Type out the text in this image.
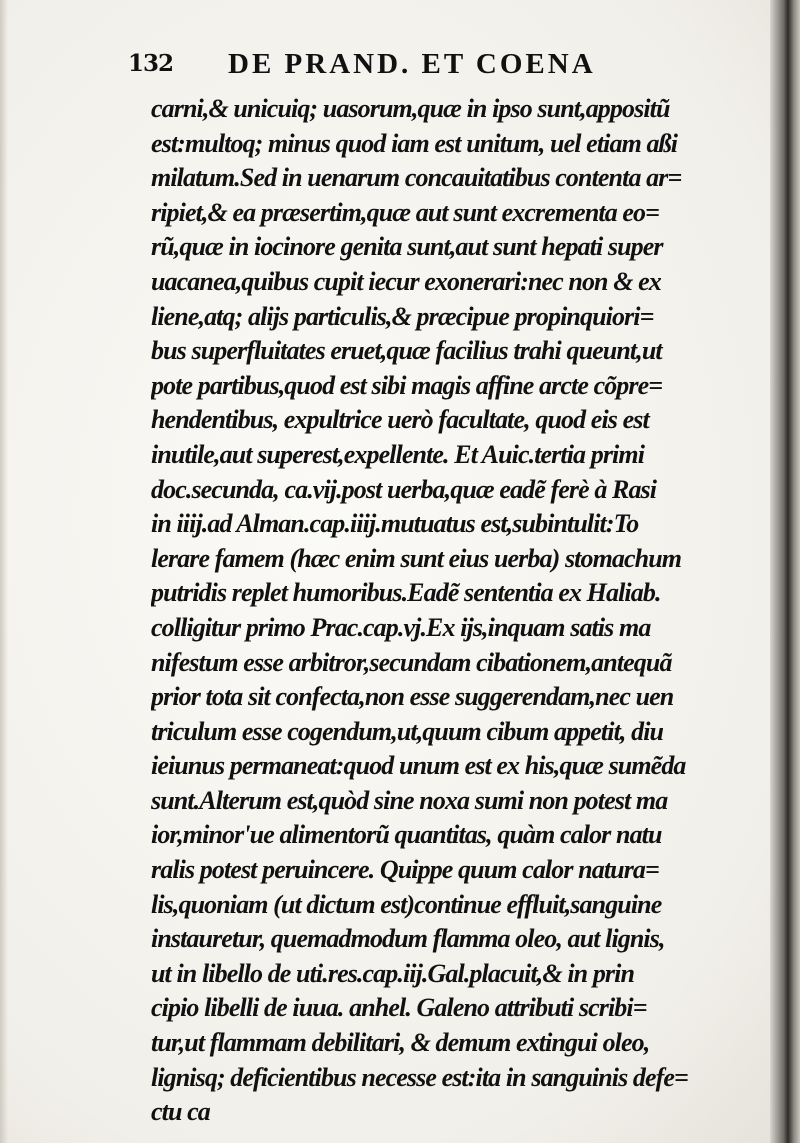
132 DE PRAND. ET COENA
carni,& unicuiq; uasorum,quæ in ipso sunt,appositũ
est:multoq; minus quod iam est unitum, uel etiam aßi
milatum.Sed in uenarum concauitatibus contenta ar=
ripiet,& ea præsertim,quæ aut sunt excrementa eo=
rũ,quæ in iocinore genita sunt,aut sunt hepati super
uacanea,quibus cupit iecur exonerari:nec non & ex
liene,atq; alijs particulis,& præcipue propinquiori=
bus superfluitates eruet,quæ facilius trahi queunt,ut
pote partibus,quod est sibi magis affine arcte cõpre=
hendentibus, expultrice uerò facultate, quod eis est
inutile,aut superest,expellente. Et Auic.tertia primi
doc.secunda, ca.vij.post uerba,quæ eadẽ ferè à Rasi
in iiij.ad Alman.cap.iiij.mutuatus est,subintulit:To
lerare famem (hæc enim sunt eius uerba) stomachum
putridis replet humoribus.Eadẽ sententia ex Haliab.
colligitur primo Prac.cap.vj.Ex ijs,inquam satis ma
nifestum esse arbitror,secundam cibationem,antequã
prior tota sit confecta,non esse suggerendam,nec uen
triculum esse cogendum,ut,quum cibum appetit, diu
ieiunus permaneat:quod unum est ex his,quæ sumẽda
sunt.Alterum est,quòd sine noxa sumi non potest ma
ior,minor'ue alimentorũ quantitas, quàm calor natu
ralis potest peruincere. Quippe quum calor natura=
lis,quoniam (ut dictum est)continue effluit,sanguine
instauretur, quemadmodum flamma oleo, aut lignis,
ut in libello de uti.res.cap.iij.Gal.placuit,& in prin
cipio libelli de iuua. anhel. Galeno attributi scribi=
tur,ut flammam debilitari, & demum extingui oleo,
lignisq; deficientibus necesse est:ita in sanguinis defe=
ctu ca
